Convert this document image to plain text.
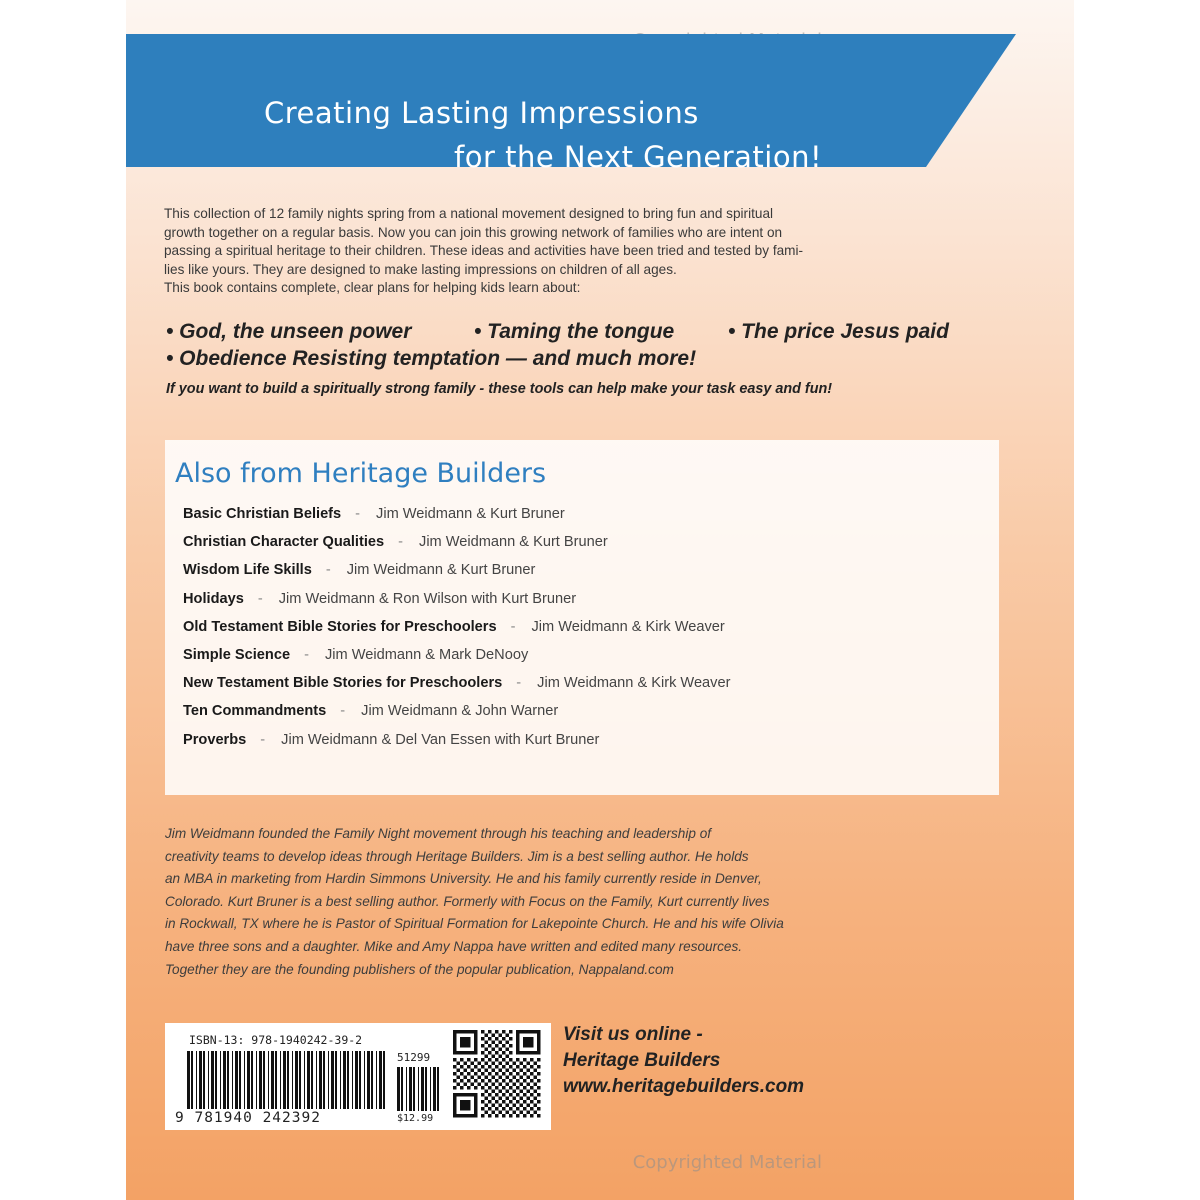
Creating Lasting Impressions
for the Next Generation!
Copyrighted Material

This collection of 12 family nights spring from a national movement designed to bring fun and spiritual

growth together on a regular basis. Now you can join this growing network of families who are intent on

passing a spiritual heritage to their children. These ideas and activities have been tried and tested by fami-

lies like yours. They are designed to make lasting impressions on children of all ages.

This book contains complete, clear plans for helping kids learn about:

• God, the unseen power	• Taming the tongue	• The price Jesus paid
• Obedience Resisting temptation — and much more!
If you want to build a spiritually strong family - these tools can help make your task easy and fun!
Also from Heritage Builders
Basic Christian Beliefs - Jim Weidmann & Kurt Bruner
Christian Character Qualities - Jim Weidmann & Kurt Bruner
Wisdom Life Skills - Jim Weidmann & Kurt Bruner
Holidays - Jim Weidmann & Ron Wilson with Kurt Bruner
Old Testament Bible Stories for Preschoolers - Jim Weidmann & Kirk Weaver
Simple Science - Jim Weidmann & Mark DeNooy
New Testament Bible Stories for Preschoolers - Jim Weidmann & Kirk Weaver
Ten Commandments - Jim Weidmann & John Warner
Proverbs - Jim Weidmann & Del Van Essen with Kurt Bruner
Jim Weidmann founded the Family Night movement through his teaching and leadership of
creativity teams to develop ideas through Heritage Builders. Jim is a best selling author. He holds
an MBA in marketing from Hardin Simmons University. He and his family currently reside in Denver,
Colorado. Kurt Bruner is a best selling author. Formerly with Focus on the Family, Kurt currently lives
in Rockwall, TX where he is Pastor of Spiritual Formation for Lakepointe Church. He and his wife Olivia
have three sons and a daughter. Mike and Amy Nappa have written and edited many resources.
Together they are the founding publishers of the popular publication, Nappaland.com
ISBN-13: 978-1940242-39-2
51299
9 781940 242392	$12.99
Visit us online -
Heritage Builders
www.heritagebuilders.com
